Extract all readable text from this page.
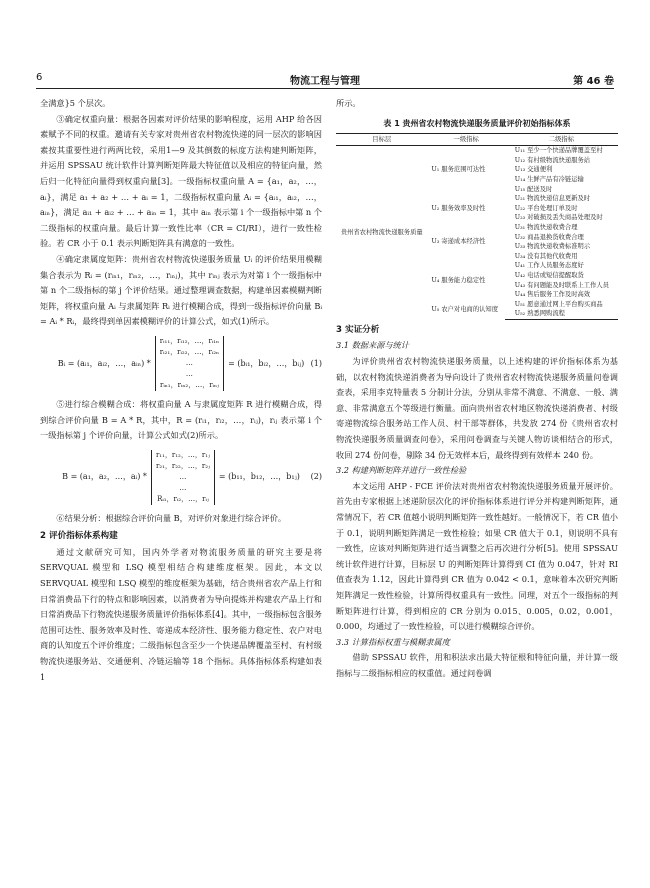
6	物流工程与管理	第 46 卷

全满意}5 个层次。

③确定权重向量：根据各因素对评价结果的影响程度，运用 AHP 给各因素赋予不同的权重。邀请有关专家对贵州省农村物流快递的同一层次的影响因素按其重要性进行两两比较，采用1—9 及其倒数的标度方法构建判断矩阵，并运用 SPSSAU 统计软件计算判断矩阵最大特征值以及相应的特征向量，然后归一化特征向量得到权重向量[3]。一级指标权重向量 A = {a₁，a₂，…，aᵢ}，满足 a₁ + a₂ + … + aᵢ = 1，二级指标权重向量 Aᵢ = {aᵢ₁，aᵢ₂，…，aᵢₙ}，满足 aᵢ₁ + aᵢ₂ + … + aᵢₙ = 1，其中 aᵢₙ 表示第 i 个一级指标中第 n 个二级指标的权重向量。最后计算一致性比率（CR = CI/RI），进行一致性检验。若 CR 小于 0.1 表示判断矩阵具有满意的一致性。

④确定隶属度矩阵：贵州省农村物流快递服务质量 Uᵢ 的评价结果用模糊集合表示为 Rᵢ = (rᵢₙ₁，rᵢₙ₂，…，rᵢₙⱼ)，其中 rᵢₙⱼ 表示为对第 i 个一级指标中第 n 个二级指标的第 j 个评价结果。通过整理调查数据，构建单因素模糊判断矩阵，将权重向量 Aᵢ 与隶属矩阵 Rᵢ 进行模糊合成，得到一级指标评价向量 Bᵢ = Aᵢ * Rᵢ，最终得到单因素模糊评价的计算公式，如式(1)所示。

Bᵢ = (aᵢ₁，aᵢ₂，…，aᵢₙ) *
rᵢ₁₁，rᵢ₁₂，…，rᵢ₁ₙ
rᵢ₂₁，rᵢ₂₂，…，rᵢ₂ₙ
…
…
rᵢₙ₁，rᵢₙ₂，…，rᵢₙⱼ
= (bᵢ₁，bᵢ₂，…，bᵢⱼ) (1)

⑤进行综合模糊合成：将权重向量 A 与隶属度矩阵 R 进行模糊合成，得到综合评价向量 B = A * R，其中，R = (rᵢ₁，rᵢ₂，…，rᵢⱼ)，rᵢⱼ 表示第 i 个一级指标第 j 个评价向量，计算公式如式(2)所示。

B = (a₁，a₂，…，aᵢ) *
r₁₁，r₁₂，…，r₁ⱼ
r₂₁，r₂₂，…，r₂ⱼ
…
…
Rᵢ₁，rᵢ₂，…，rᵢⱼ
= (b₁₁，b₁₂，…，b₁ⱼ) (2)

⑥结果分析：根据综合评价向量 B，对评价对象进行综合评价。

2 评价指标体系构建

通过文献研究可知，国内外学者对物流服务质量的研究主要是将 SERVQUAL 模型和 LSQ 模型相结合构建维度框架。因此，本文以 SERVQUAL 模型和 LSQ 模型的维度框架为基础，结合贵州省农产品上行和日常消费品下行的特点和影响因素，以消费者为导向提炼并构建农产品上行和日常消费品下行物流快递服务质量评价指标体系[4]。其中，一级指标包含服务范围可达性、服务效率及时性、寄递成本经济性、服务能力稳定性、农户对电商的认知度五个评价维度；二级指标包含至少一个快递品牌覆盖至村、有村级物流快递服务站、交通便利、冷链运输等 18 个指标。具体指标体系构建如表 1

所示。

表 1 贵州省农村物流快递服务质量评价初始指标体系
目标层	一级指标	二级指标
贵州省农村物流快递服务质量	U₁ 服务范围可达性	U₁₁ 至少一个快递品牌覆盖至村
		U₁₂ 有村级物流快递服务站
		U₁₃ 交通便利
		U₁₄ 生鲜产品有冷链运输
		U₁₅ 配送及时
	U₂ 服务效率及时性	U₂₁ 物流快递信息更新及时
		U₂₂ 平台处理订单及时
		U₂₃ 对破损及丢失商品处理及时
	U₃ 寄递成本经济性	U₃₁ 物流快递收费合理
		U₃₂ 商品退换货收费合理
		U₃₃ 物流快递收费标准明示
		U₃₄ 没有其他代收费用
	U₄ 服务能力稳定性	U₄₁ 工作人员服务态度好
		U₄₂ 电话或短信提醒取货
		U₄₃ 有问题能及时联系上工作人员
		U₄₄ 售后服务工作及时高效
	U₅ 农户对电商的认知度	U₅₁ 愿意通过网上平台购买商品
		U₅₂ 熟悉网购流程
3 实证分析
3.1 数据来源与统计

为评价贵州省农村物流快递服务质量，以上述构建的评价指标体系为基础，以农村物流快递消费者为导向设计了贵州省农村物流快递服务质量问卷调查表，采用李克特量表 5 分制计分法，分别从非常不满意、不满意、一般、满意、非常满意五个等级进行衡量。面向贵州省农村地区物流快递消费者、村级寄递物流综合服务站工作人员、村干部等群体，共发放 274 份《贵州省农村物流快递服务质量调查问卷》，采用问卷调查与关键人物访谈相结合的形式，收回 274 份问卷，剔除 34 份无效样本后，最终得到有效样本 240 份。

3.2 构建判断矩阵并进行一致性检验

本文运用 AHP - FCE 评价法对贵州省农村物流快递服务质量开展评价。首先由专家根据上述递阶层次化的评价指标体系进行评分并构建判断矩阵，通常情况下，若 CR 值越小说明判断矩阵一致性越好。一般情况下，若 CR 值小于 0.1，说明判断矩阵满足一致性检验；如果 CR 值大于 0.1，则说明不具有一致性，应该对判断矩阵进行适当调整之后再次进行分析[5]。使用 SPSSAU 统计软件进行计算，目标层 U 的判断矩阵计算得到 CI 值为 0.047，针对 RI 值查表为 1.12，因此计算得到 CR 值为 0.042 < 0.1，意味着本次研究判断矩阵满足一致性检验，计算所得权重具有一致性。同理，对五个一级指标的判断矩阵进行计算，得到相应的 CR 分别为 0.015、0.005，0.02，0.001，0.000，均通过了一致性检验，可以进行模糊综合评价。

3.3 计算指标权重与模糊隶属度

借助 SPSSAU 软件，用和积法求出最大特征根和特征向量，并计算一级指标与二级指标相应的权重值。通过问卷调
